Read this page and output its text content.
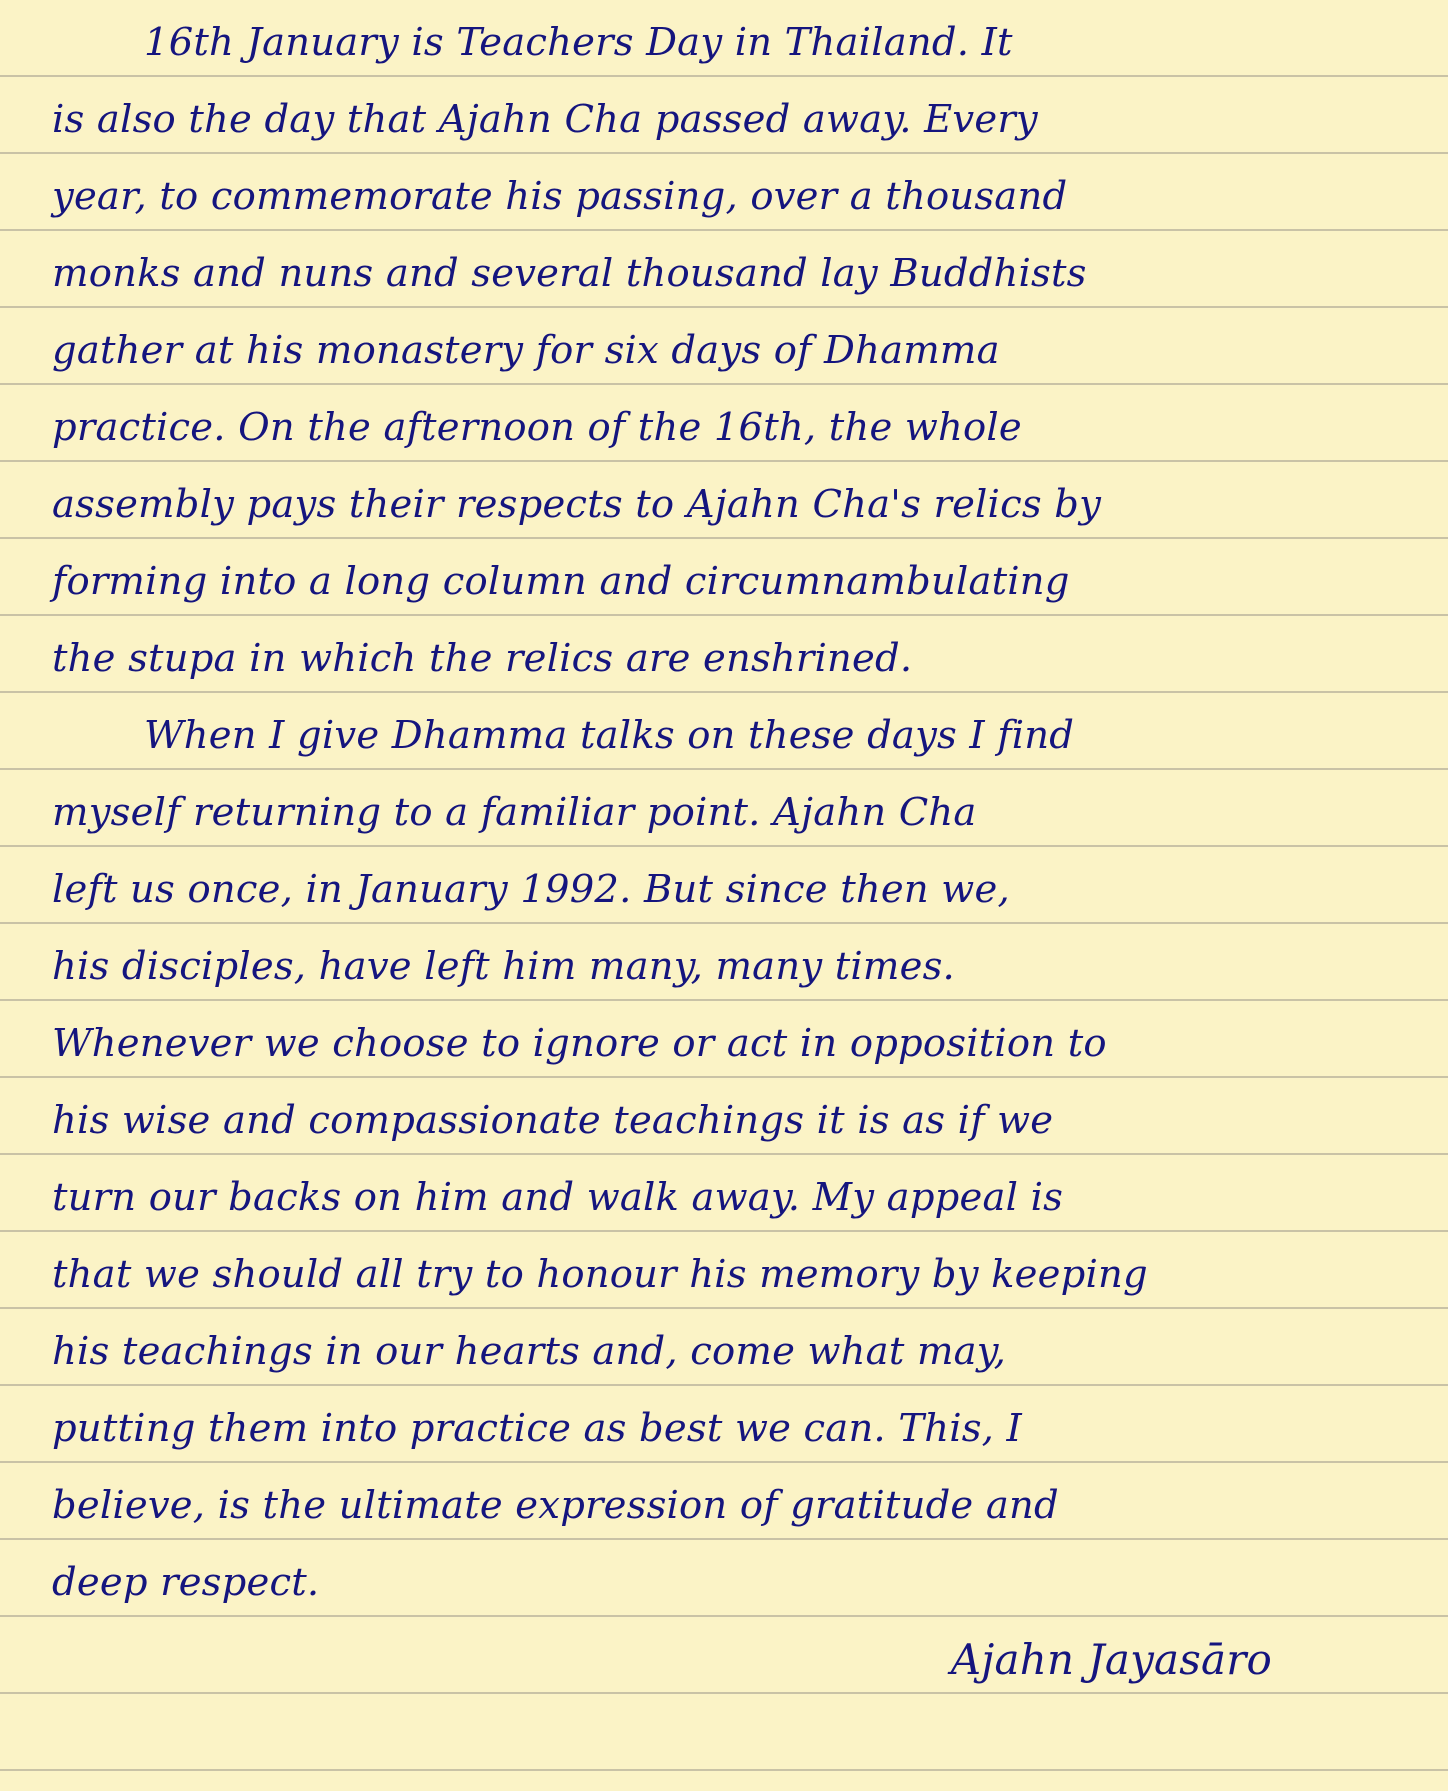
16th January is Teachers Day in Thailand. It
is also the day that Ajahn Cha passed away. Every
year, to commemorate his passing, over a thousand
monks and nuns and several thousand lay Buddhists
gather at his monastery for six days of Dhamma
practice. On the afternoon of the 16th, the whole
assembly pays their respects to Ajahn Cha's relics by
forming into a long column and circumnambulating
the stupa in which the relics are enshrined.
When I give Dhamma talks on these days I find
myself returning to a familiar point. Ajahn Cha
left us once, in January 1992. But since then we,
his disciples, have left him many, many times.
Whenever we choose to ignore or act in opposition to
his wise and compassionate teachings it is as if we
turn our backs on him and walk away. My appeal is
that we should all try to honour his memory by keeping
his teachings in our hearts and, come what may,
putting them into practice as best we can. This, I
believe, is the ultimate expression of gratitude and
deep respect.
Ajahn Jayasāro
